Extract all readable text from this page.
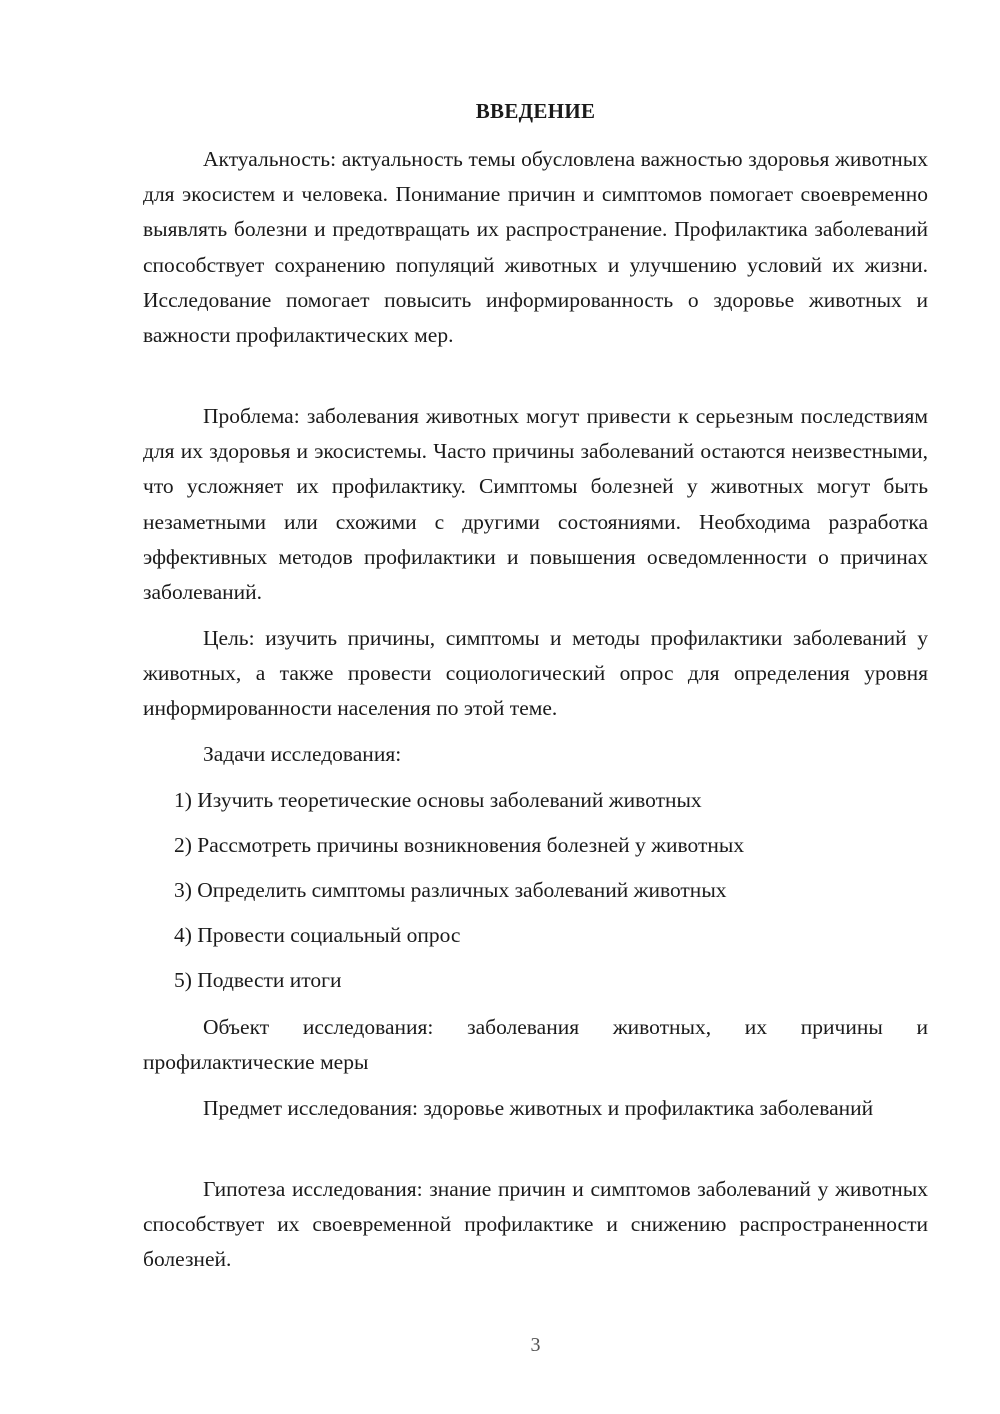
ВВЕДЕНИЕ

Актуальность: актуальность темы обусловлена важностью здоровья животных для экосистем и человека. Понимание причин и симптомов помогает своевременно выявлять болезни и предотвращать их распространение. Профилактика заболеваний способствует сохранению популяций животных и улучшению условий их жизни. Исследование помогает повысить информированность о здоровье животных и важности профилактических мер.

Проблема: заболевания животных могут привести к серьезным последствиям для их здоровья и экосистемы. Часто причины заболеваний остаются неизвестными, что усложняет их профилактику. Симптомы болезней у животных могут быть незаметными или схожими с другими состояниями. Необходима разработка эффективных методов профилактики и повышения осведомленности о причинах заболеваний.

Цель: изучить причины, симптомы и методы профилактики заболеваний у животных, а также провести социологический опрос для определения уровня информированности населения по этой теме.

Задачи исследования:

1) Изучить теоретические основы заболеваний животных

2) Рассмотреть причины возникновения болезней у животных

3) Определить симптомы различных заболеваний животных

4) Провести социальный опрос

5) Подвести итоги

Объект исследования: заболевания животных, их причины и профилактические меры

Предмет исследования: здоровье животных и профилактика заболеваний

Гипотеза исследования: знание причин и симптомов заболеваний у животных способствует их своевременной профилактике и снижению распространенности болезней.

3
